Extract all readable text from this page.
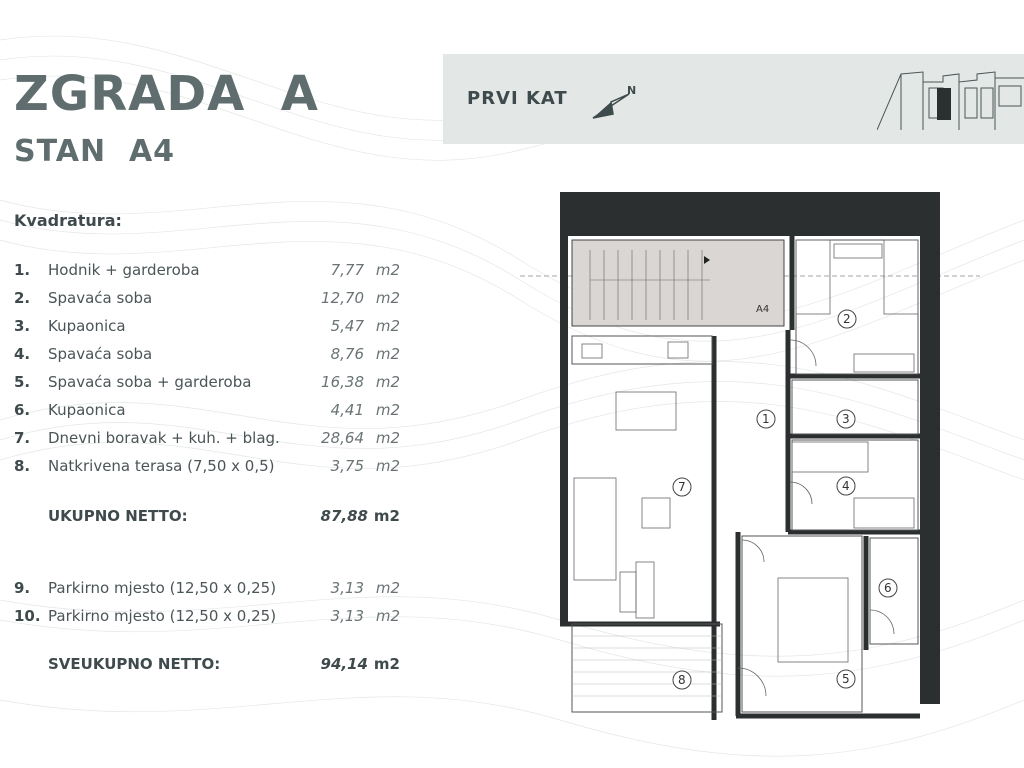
ZGRADA  A
STAN  A4
Kvadratura:
1. Hodnik + garderoba	7,77 m2
2. Spavaća soba	12,70 m2
3. Kupaonica	5,47 m2
4. Spavaća soba	8,76 m2
5. Spavaća soba + garderoba	16,38 m2
6. Kupaonica	4,41 m2
7. Dnevni boravak + kuh. + blag.	28,64 m2
8. Natkrivena terasa (7,50 x 0,5)	3,75 m2
UKUPNO NETTO:	87,88 m2
9. Parkirno mjesto (12,50 x 0,25)	3,13 m2
10. Parkirno mjesto (12,50 x 0,25)	3,13 m2
SVEUKUPNO NETTO:	94,14 m2
PRVI KAT	N
A4
1
2
3
4
5
6
7
8
